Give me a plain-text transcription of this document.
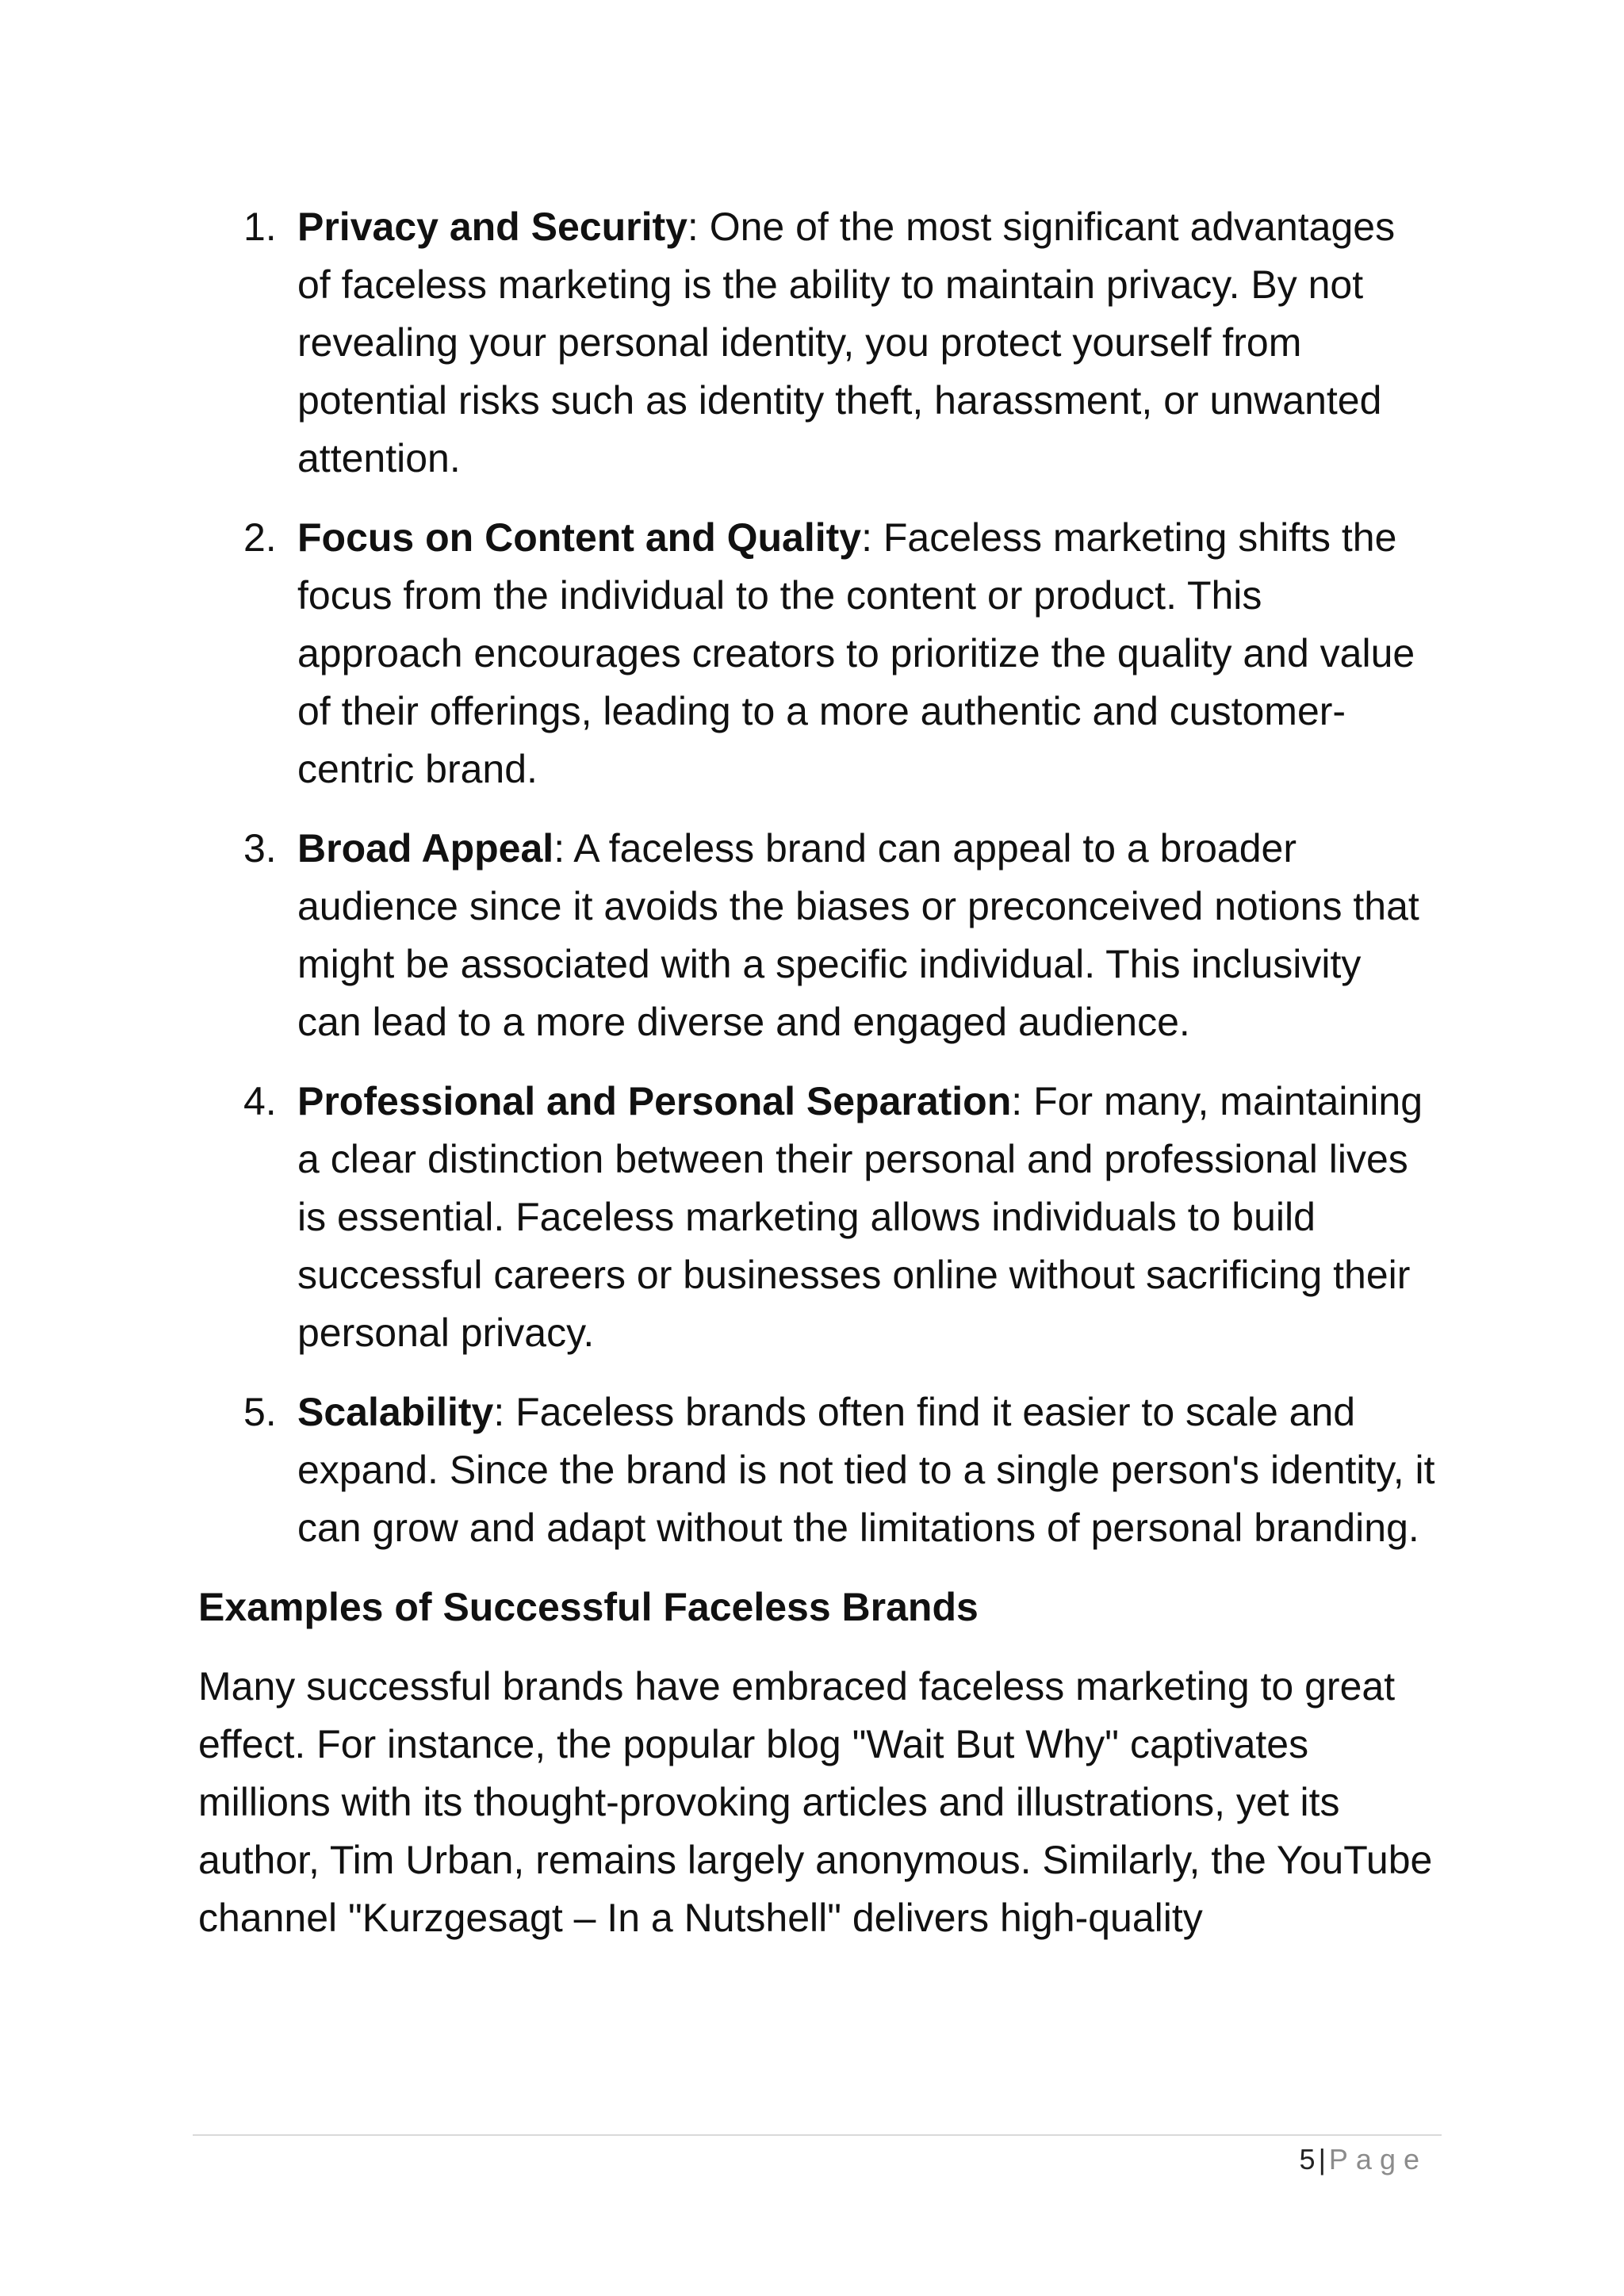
1. Privacy and Security: One of the most significant advantages of faceless marketing is the ability to maintain privacy. By not revealing your personal identity, you protect yourself from potential risks such as identity theft, harassment, or unwanted attention.
2. Focus on Content and Quality: Faceless marketing shifts the focus from the individual to the content or product. This approach encourages creators to prioritize the quality and value of their offerings, leading to a more authentic and customer-centric brand.
3. Broad Appeal: A faceless brand can appeal to a broader audience since it avoids the biases or preconceived notions that might be associated with a specific individual. This inclusivity can lead to a more diverse and engaged audience.
4. Professional and Personal Separation: For many, maintaining a clear distinction between their personal and professional lives is essential. Faceless marketing allows individuals to build successful careers or businesses online without sacrificing their personal privacy.
5. Scalability: Faceless brands often find it easier to scale and expand. Since the brand is not tied to a single person's identity, it can grow and adapt without the limitations of personal branding.
Examples of Successful Faceless Brands

Many successful brands have embraced faceless marketing to great effect. For instance, the popular blog "Wait But Why" captivates millions with its thought-provoking articles and illustrations, yet its author, Tim Urban, remains largely anonymous. Similarly, the YouTube channel "Kurzgesagt – In a Nutshell" delivers high-quality

5 | Page
